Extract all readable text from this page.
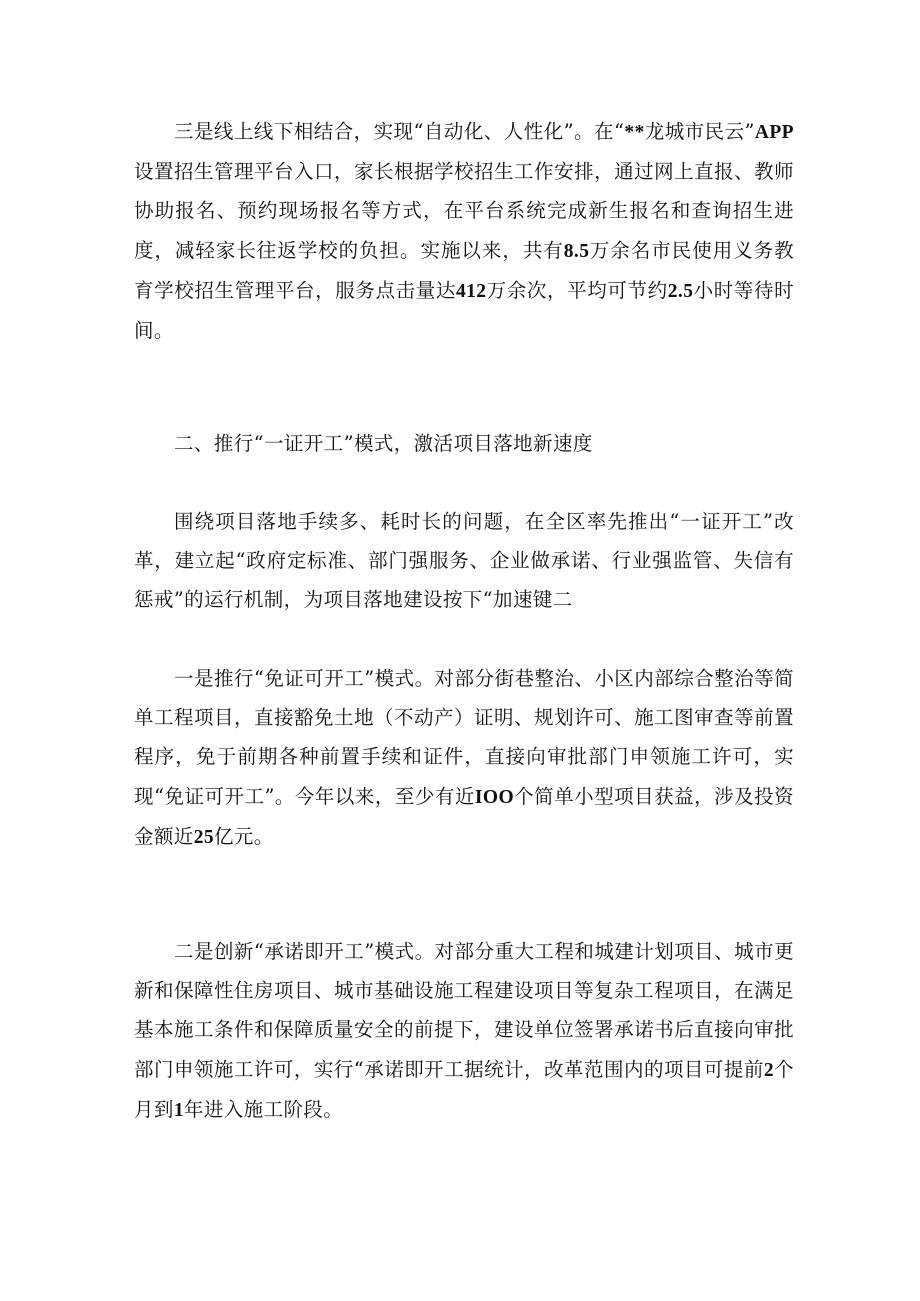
三是线上线下相结合，实现“自动化、人性化”。在“**龙城市民云”APP设置招生管理平台入口，家长根据学校招生工作安排，通过网上直报、教师协助报名、预约现场报名等方式，在平台系统完成新生报名和查询招生进度，减轻家长往返学校的负担。实施以来，共有8.5万余名市民使用义务教育学校招生管理平台，服务点击量达412万余次，平均可节约2.5小时等待时间。

二、推行“一证开工”模式，激活项目落地新速度

围绕项目落地手续多、耗时长的问题，在全区率先推出“一证开工”改革，建立起“政府定标准、部门强服务、企业做承诺、行业强监管、失信有惩戒”的运行机制，为项目落地建设按下“加速键二

一是推行“免证可开工”模式。对部分街巷整治、小区内部综合整治等简单工程项目，直接豁免土地（不动产）证明、规划许可、施工图审查等前置程序，免于前期各种前置手续和证件，直接向审批部门申领施工许可，实现“免证可开工”。今年以来，至少有近IOO个简单小型项目获益，涉及投资金额近25亿元。

二是创新“承诺即开工”模式。对部分重大工程和城建计划项目、城市更新和保障性住房项目、城市基础设施工程建设项目等复杂工程项目，在满足基本施工条件和保障质量安全的前提下，建设单位签署承诺书后直接向审批部门申领施工许可，实行“承诺即开工据统计，改革范围内的项目可提前2个月到1年进入施工阶段。
